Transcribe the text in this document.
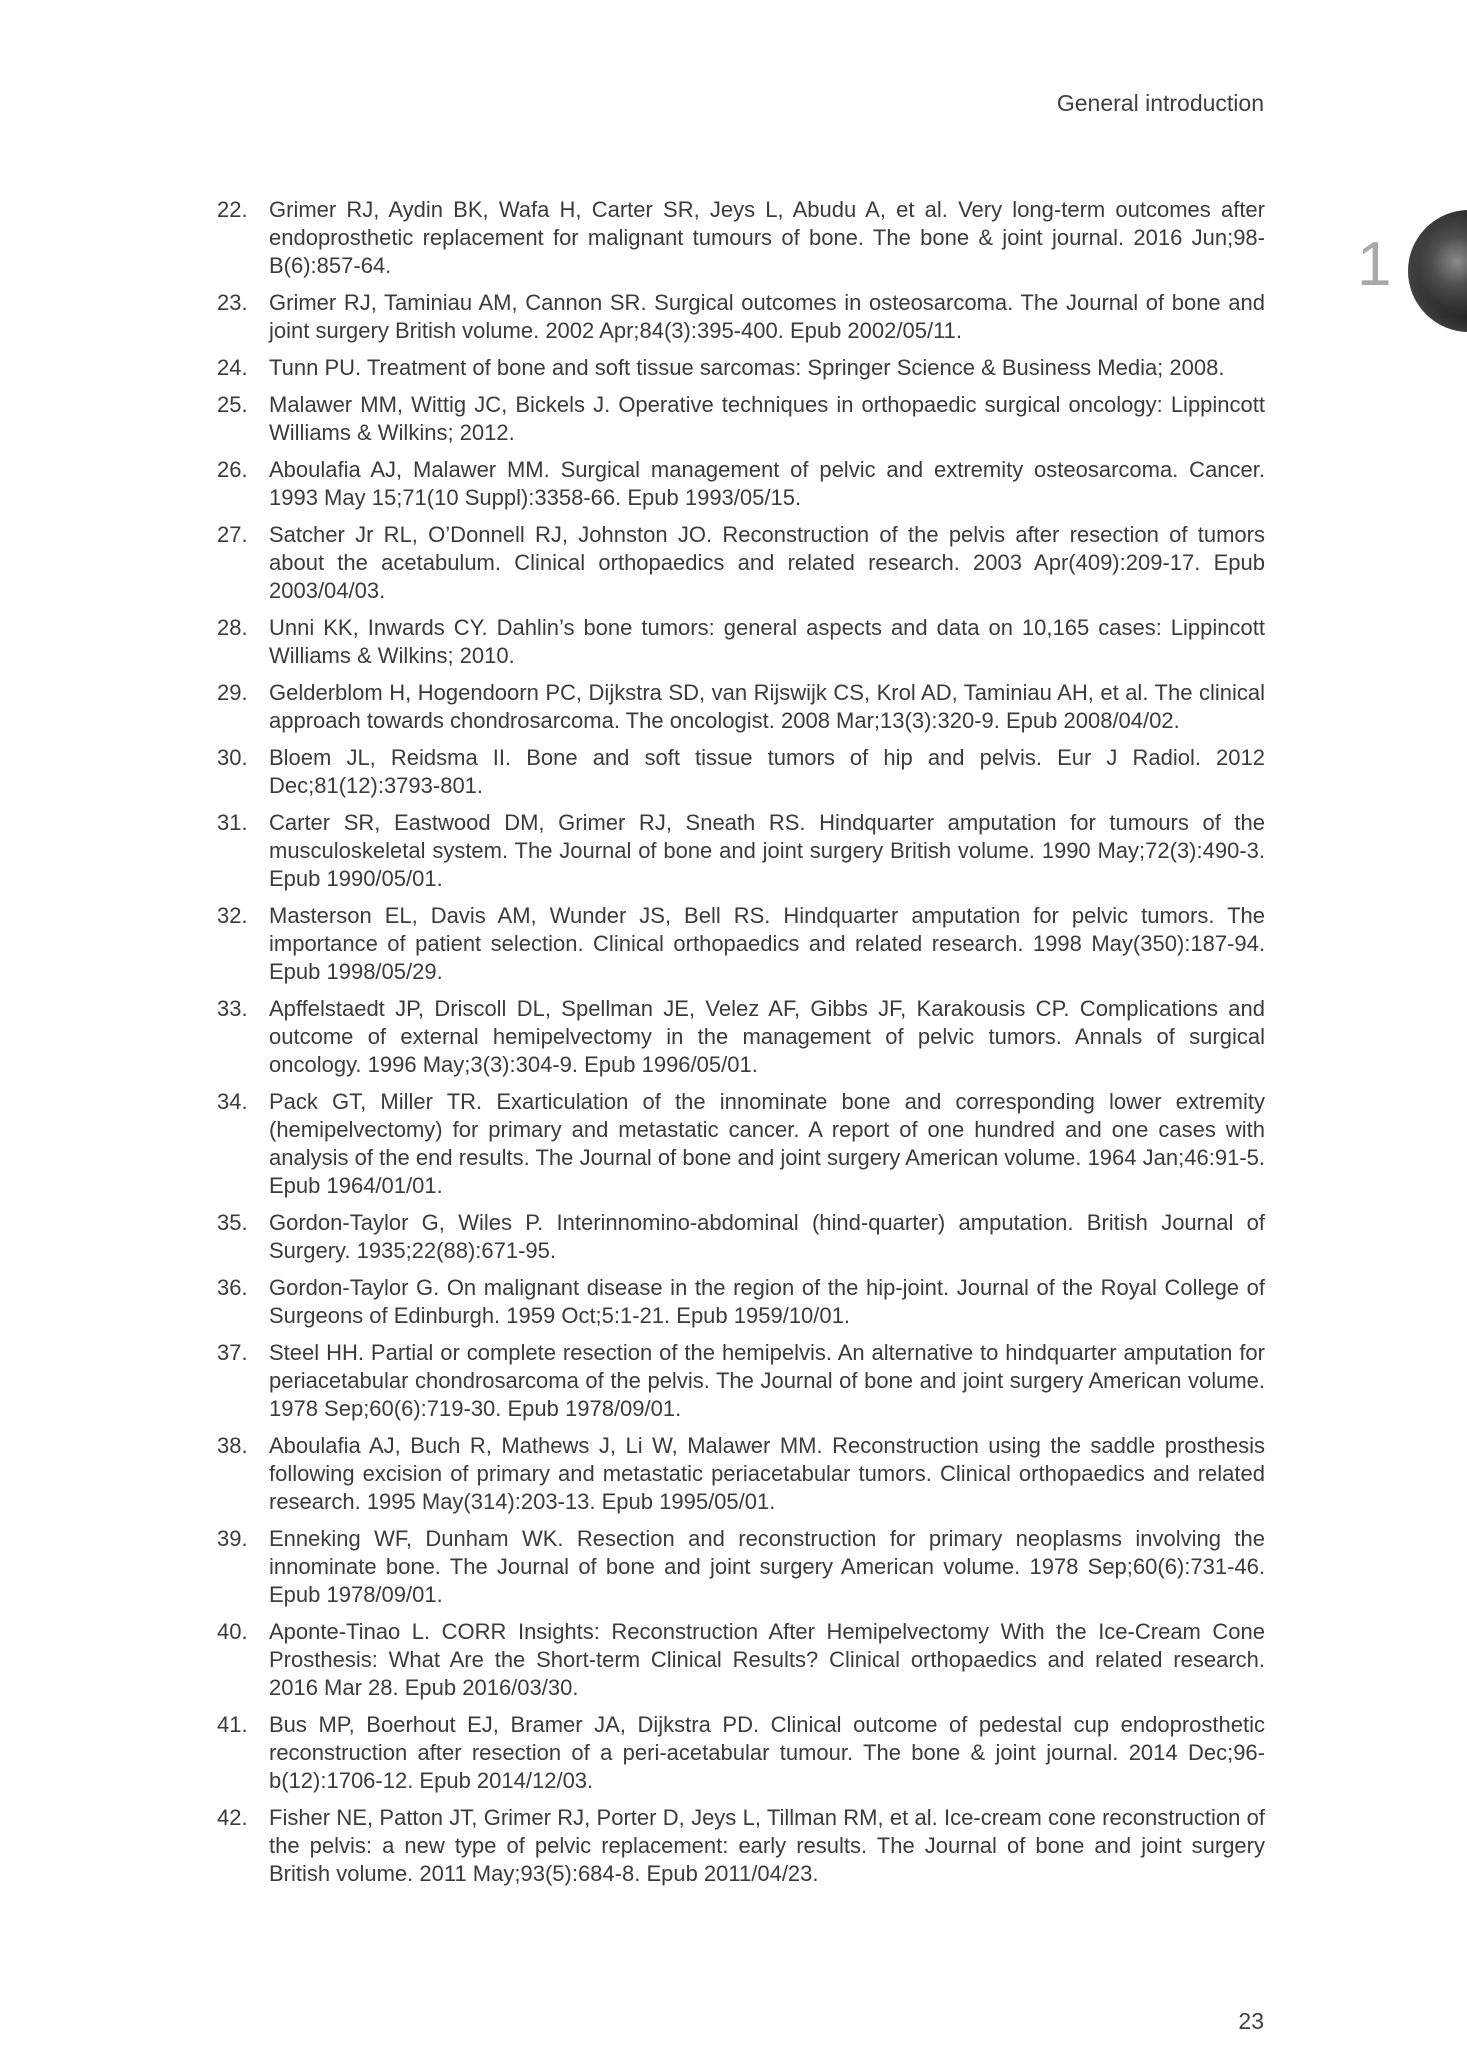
General introduction
1
22. Grimer RJ, Aydin BK, Wafa H, Carter SR, Jeys L, Abudu A, et al. Very long-term outcomes after endoprosthetic replacement for malignant tumours of bone. The bone & joint journal. 2016 Jun;98-B(6):857-64.
23. Grimer RJ, Taminiau AM, Cannon SR. Surgical outcomes in osteosarcoma. The Journal of bone and joint surgery British volume. 2002 Apr;84(3):395-400. Epub 2002/05/11.
24. Tunn PU. Treatment of bone and soft tissue sarcomas: Springer Science & Business Media; 2008.
25. Malawer MM, Wittig JC, Bickels J. Operative techniques in orthopaedic surgical oncology: Lippincott Williams & Wilkins; 2012.
26. Aboulafia AJ, Malawer MM. Surgical management of pelvic and extremity osteosarcoma. Cancer. 1993 May 15;71(10 Suppl):3358-66. Epub 1993/05/15.
27. Satcher Jr RL, O’Donnell RJ, Johnston JO. Reconstruction of the pelvis after resection of tumors about the acetabulum. Clinical orthopaedics and related research. 2003 Apr(409):209-17. Epub 2003/04/03.
28. Unni KK, Inwards CY. Dahlin’s bone tumors: general aspects and data on 10,165 cases: Lippincott Williams & Wilkins; 2010.
29. Gelderblom H, Hogendoorn PC, Dijkstra SD, van Rijswijk CS, Krol AD, Taminiau AH, et al. The clinical approach towards chondrosarcoma. The oncologist. 2008 Mar;13(3):320-9. Epub 2008/04/02.
30. Bloem JL, Reidsma II. Bone and soft tissue tumors of hip and pelvis. Eur J Radiol. 2012 Dec;81(12):3793-801.
31. Carter SR, Eastwood DM, Grimer RJ, Sneath RS. Hindquarter amputation for tumours of the musculoskeletal system. The Journal of bone and joint surgery British volume. 1990 May;72(3):490-3. Epub 1990/05/01.
32. Masterson EL, Davis AM, Wunder JS, Bell RS. Hindquarter amputation for pelvic tumors. The importance of patient selection. Clinical orthopaedics and related research. 1998 May(350):187-94. Epub 1998/05/29.
33. Apffelstaedt JP, Driscoll DL, Spellman JE, Velez AF, Gibbs JF, Karakousis CP. Complications and outcome of external hemipelvectomy in the management of pelvic tumors. Annals of surgical oncology. 1996 May;3(3):304-9. Epub 1996/05/01.
34. Pack GT, Miller TR. Exarticulation of the innominate bone and corresponding lower extremity (hemipelvectomy) for primary and metastatic cancer. A report of one hundred and one cases with analysis of the end results. The Journal of bone and joint surgery American volume. 1964 Jan;46:91-5. Epub 1964/01/01.
35. Gordon-Taylor G, Wiles P. Interinnomino-abdominal (hind-quarter) amputation. British Journal of Surgery. 1935;22(88):671-95.
36. Gordon-Taylor G. On malignant disease in the region of the hip-joint. Journal of the Royal College of Surgeons of Edinburgh. 1959 Oct;5:1-21. Epub 1959/10/01.
37. Steel HH. Partial or complete resection of the hemipelvis. An alternative to hindquarter amputation for periacetabular chondrosarcoma of the pelvis. The Journal of bone and joint surgery American volume. 1978 Sep;60(6):719-30. Epub 1978/09/01.
38. Aboulafia AJ, Buch R, Mathews J, Li W, Malawer MM. Reconstruction using the saddle prosthesis following excision of primary and metastatic periacetabular tumors. Clinical orthopaedics and related research. 1995 May(314):203-13. Epub 1995/05/01.
39. Enneking WF, Dunham WK. Resection and reconstruction for primary neoplasms involving the innominate bone. The Journal of bone and joint surgery American volume. 1978 Sep;60(6):731-46. Epub 1978/09/01.
40. Aponte-Tinao L. CORR Insights: Reconstruction After Hemipelvectomy With the Ice-Cream Cone Prosthesis: What Are the Short-term Clinical Results? Clinical orthopaedics and related research. 2016 Mar 28. Epub 2016/03/30.
41. Bus MP, Boerhout EJ, Bramer JA, Dijkstra PD. Clinical outcome of pedestal cup endoprosthetic reconstruction after resection of a peri-acetabular tumour. The bone & joint journal. 2014 Dec;96-b(12):1706-12. Epub 2014/12/03.
42. Fisher NE, Patton JT, Grimer RJ, Porter D, Jeys L, Tillman RM, et al. Ice-cream cone reconstruction of the pelvis: a new type of pelvic replacement: early results. The Journal of bone and joint surgery British volume. 2011 May;93(5):684-8. Epub 2011/04/23.
23
